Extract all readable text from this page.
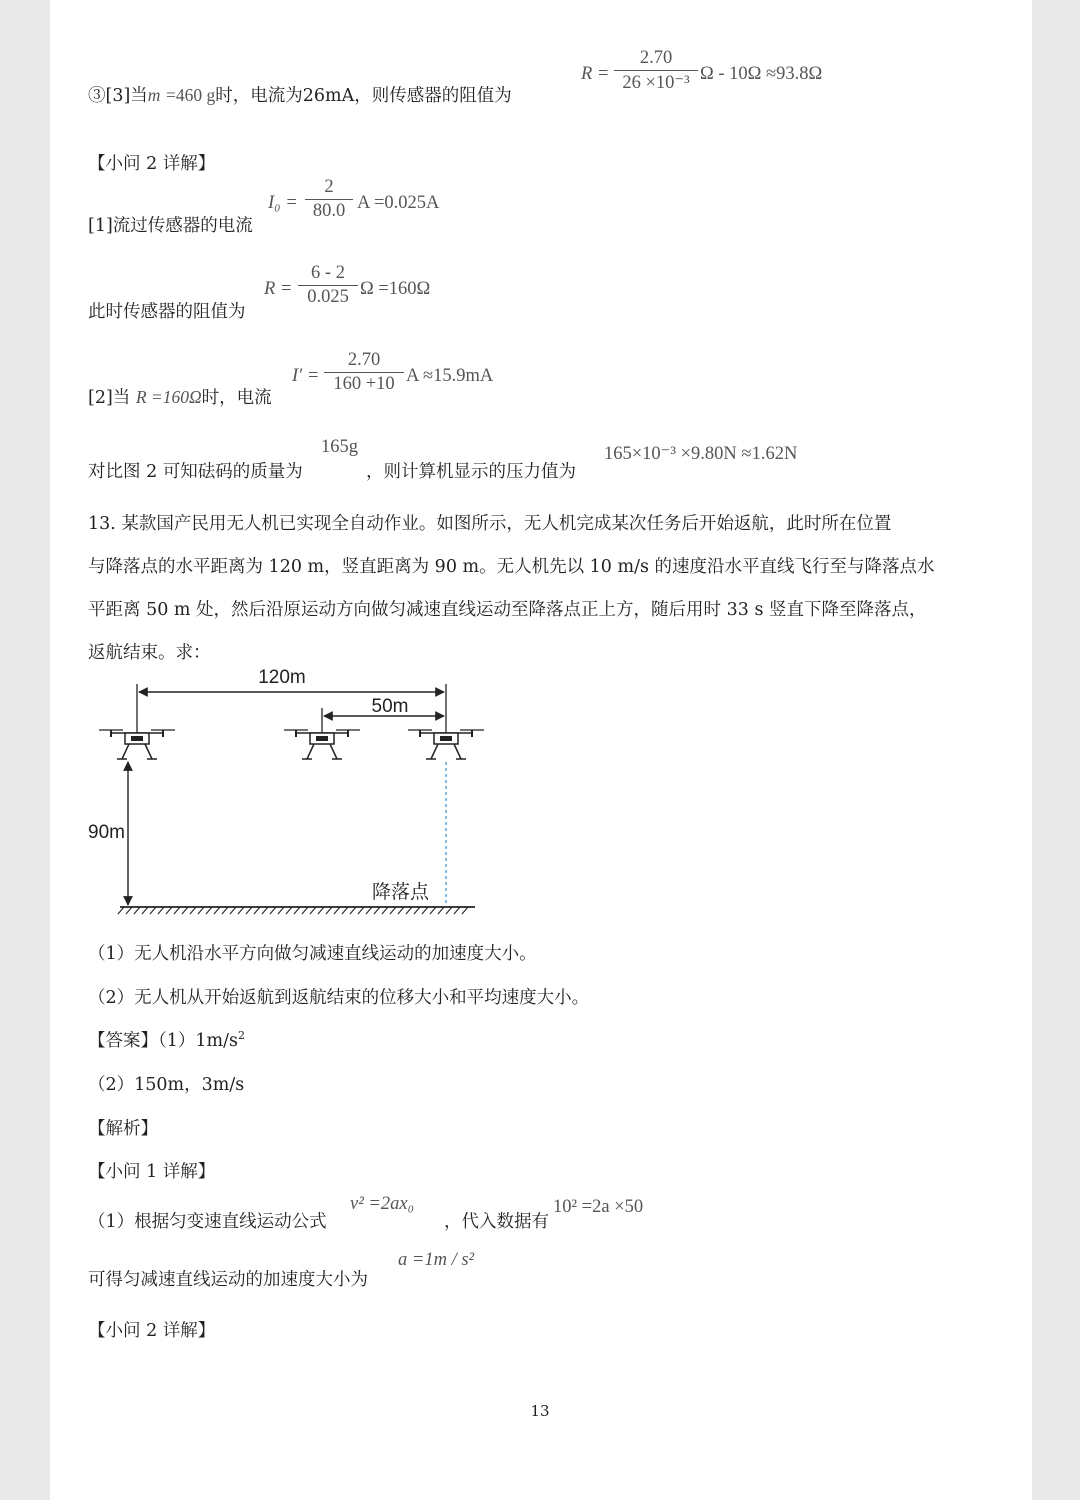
③[3]当m =460 g时，电流为26mA，则传感器的阻值为
R =
2.70
26 ×10⁻³ Ω - 10Ω ≈93.8Ω
【小问 2 详解】
[1]流过传感器的电流
I₀ =
2
80.0 A =0.025A
此时传感器的阻值为
R =
6 - 2
0.025 Ω =160Ω
[2]当 R =160Ω时，电流
I′ =
2.70
160 +10 A ≈15.9mA
对比图 2 可知砝码的质量为
165g
，则计算机显示的压力值为
165×10⁻³ ×9.80N ≈1.62N
13. 某款国产民用无人机已实现全自动作业。如图所示，无人机完成某次任务后开始返航，此时所在位置
与降落点的水平距离为 120 m，竖直距离为 90 m。无人机先以 10 m/s 的速度沿水平直线飞行至与降落点水
平距离 50 m 处，然后沿原运动方向做匀减速直线运动至降落点正上方，随后用时 33 s 竖直下降至降落点，
返航结束。求：
120m
50m
90m
降落点
（1）无人机沿水平方向做匀减速直线运动的加速度大小。
（2）无人机从开始返航到返航结束的位移大小和平均速度大小。
【答案】$(1)1m/s^2$
（2）150m，3m/s
【解析】
【小问 1 详解】
（1）根据匀变速直线运动公式
v² =2ax₀
，代入数据有
10² =2a ×50
可得匀减速直线运动的加速度大小为
a =1m / s²
【小问 2 详解】
13
